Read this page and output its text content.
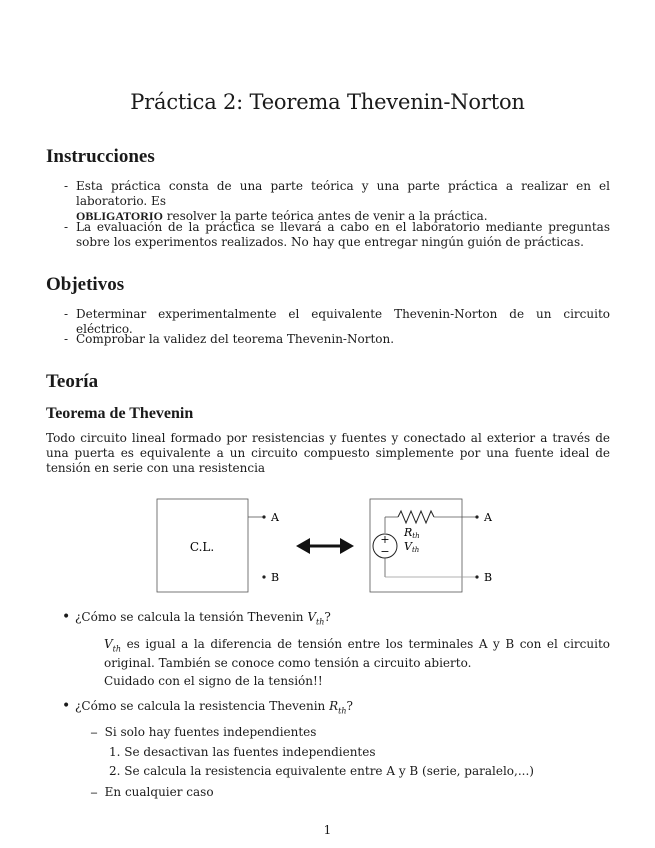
Práctica 2: Teorema Thevenin-Norton
Instrucciones
- Esta práctica consta de una parte teórica y una parte práctica a realizar en el laboratorio. Es
OBLIGATORIO resolver la parte teórica antes de venir a la práctica.
- La evaluación de la práctica se llevará a cabo en el laboratorio mediante preguntas sobre los experimentos realizados. No hay que entregar ningún guión de prácticas.
Objetivos
- Determinar experimentalmente el equivalente Thevenin-Norton de un circuito eléctrico.
- Comprobar la validez del teorema Thevenin-Norton.
Teoría
Teorema de Thevenin

Todo circuito lineal formado por resistencias y fuentes y conectado al exterior a través de una puerta es equivalente a un circuito compuesto simplemente por una fuente ideal de tensión en serie con una resistencia

C.L.
A
B
A
+
−
B
Rth
Vth
• ¿Cómo se calcula la tensión Thevenin $V_{th}$?
$V_{th}$ es igual a la diferencia de tensión entre los terminales A y B con el circuito original. También se conoce como tensión a circuito abierto.
Cuidado con el signo de la tensión!!
• ¿Cómo se calcula la resistencia Thevenin $R_{th}$?
– Si solo hay fuentes independientes
1. Se desactivan las fuentes independientes
2. Se calcula la resistencia equivalente entre A y B (serie, paralelo,...)
– En cualquier caso
1
